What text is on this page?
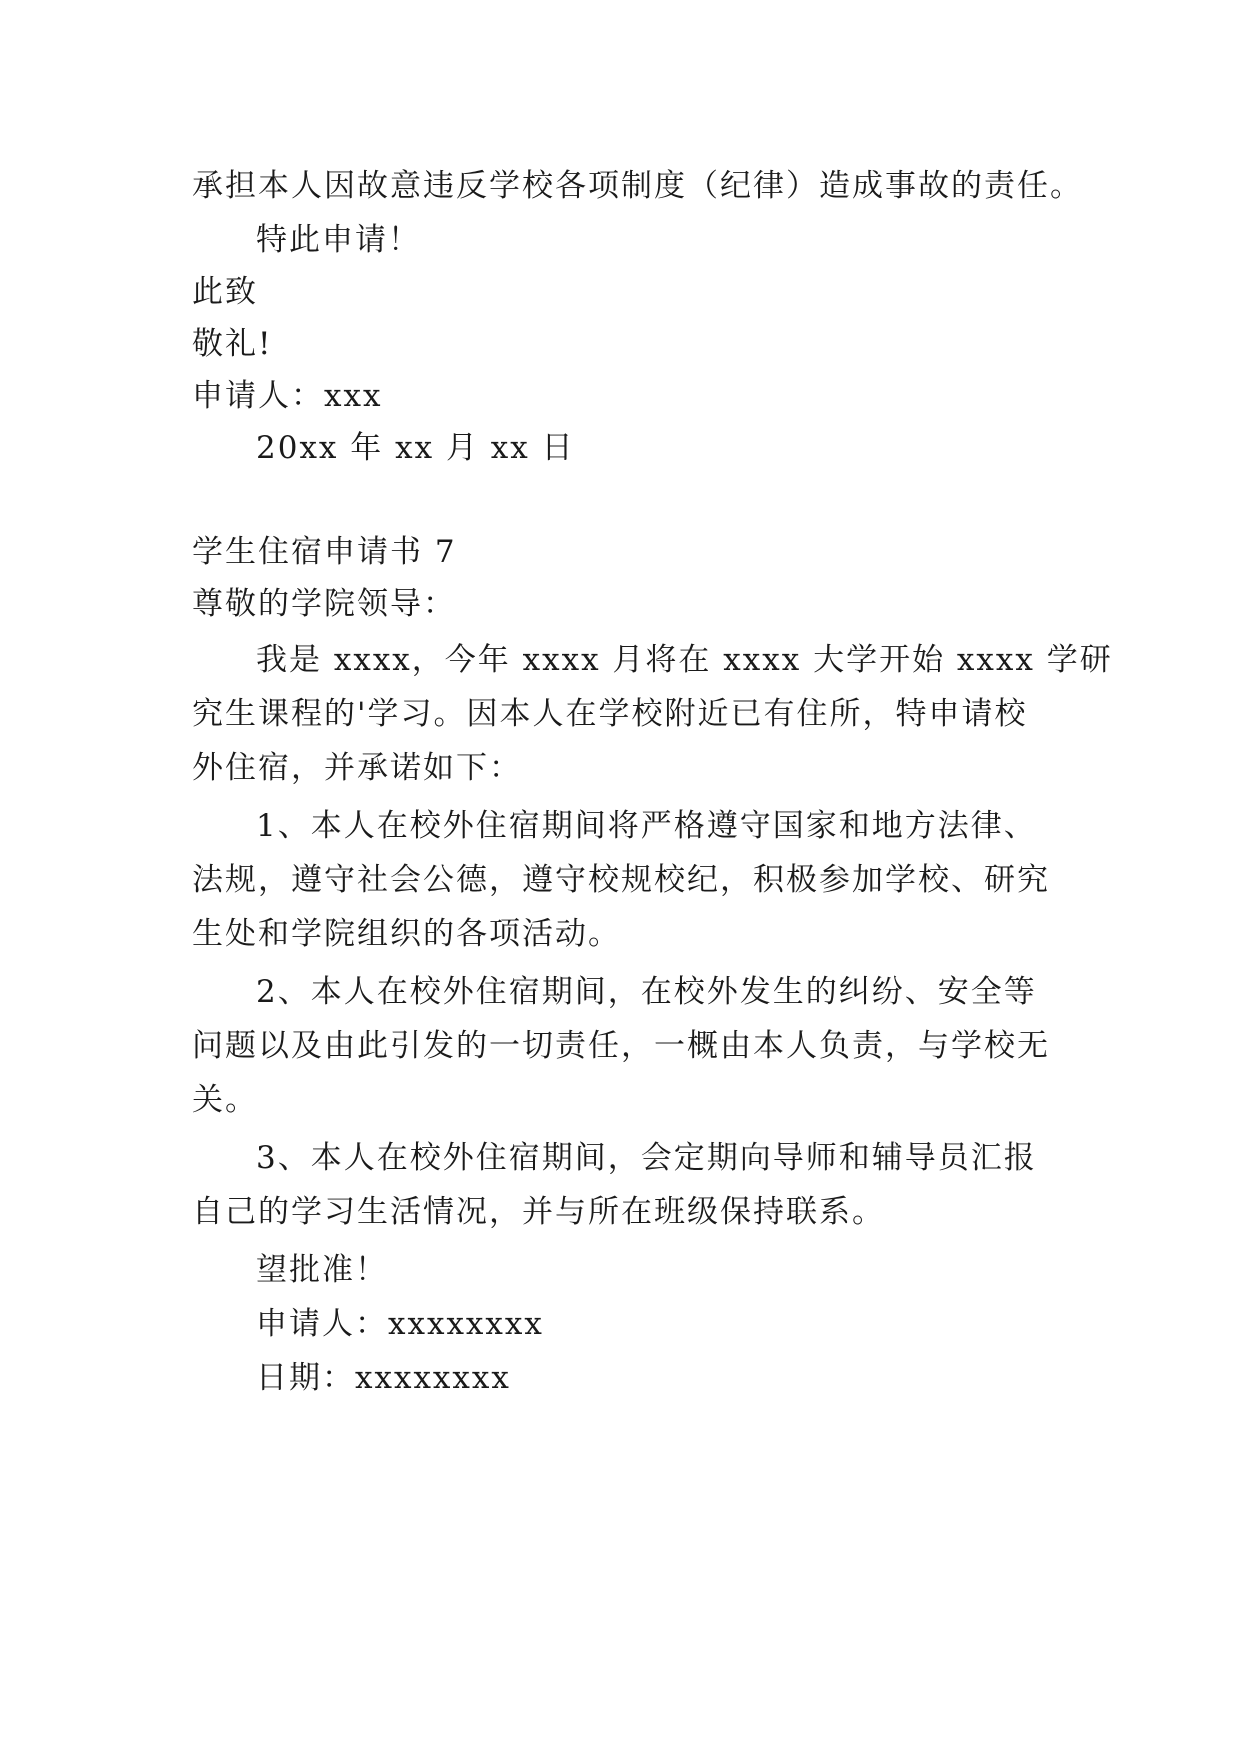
承担本人因故意违反学校各项制度（纪律）造成事故的责任。
特此申请！
此致
敬礼!
申请人：xxx
20xx 年 xx 月 xx 日
学生住宿申请书 7
尊敬的学院领导：
我是 xxxx，今年 xxxx 月将在 xxxx 大学开始 xxxx 学研
究生课程的'学习。因本人在学校附近已有住所，特申请校
外住宿，并承诺如下：
1、本人在校外住宿期间将严格遵守国家和地方法律、
法规，遵守社会公德，遵守校规校纪，积极参加学校、研究
生处和学院组织的各项活动。
2、本人在校外住宿期间，在校外发生的纠纷、安全等
问题以及由此引发的一切责任，一概由本人负责，与学校无
关。
3、本人在校外住宿期间，会定期向导师和辅导员汇报
自己的学习生活情况，并与所在班级保持联系。
望批准！
申请人：xxxxxxxx
日期：xxxxxxxx
